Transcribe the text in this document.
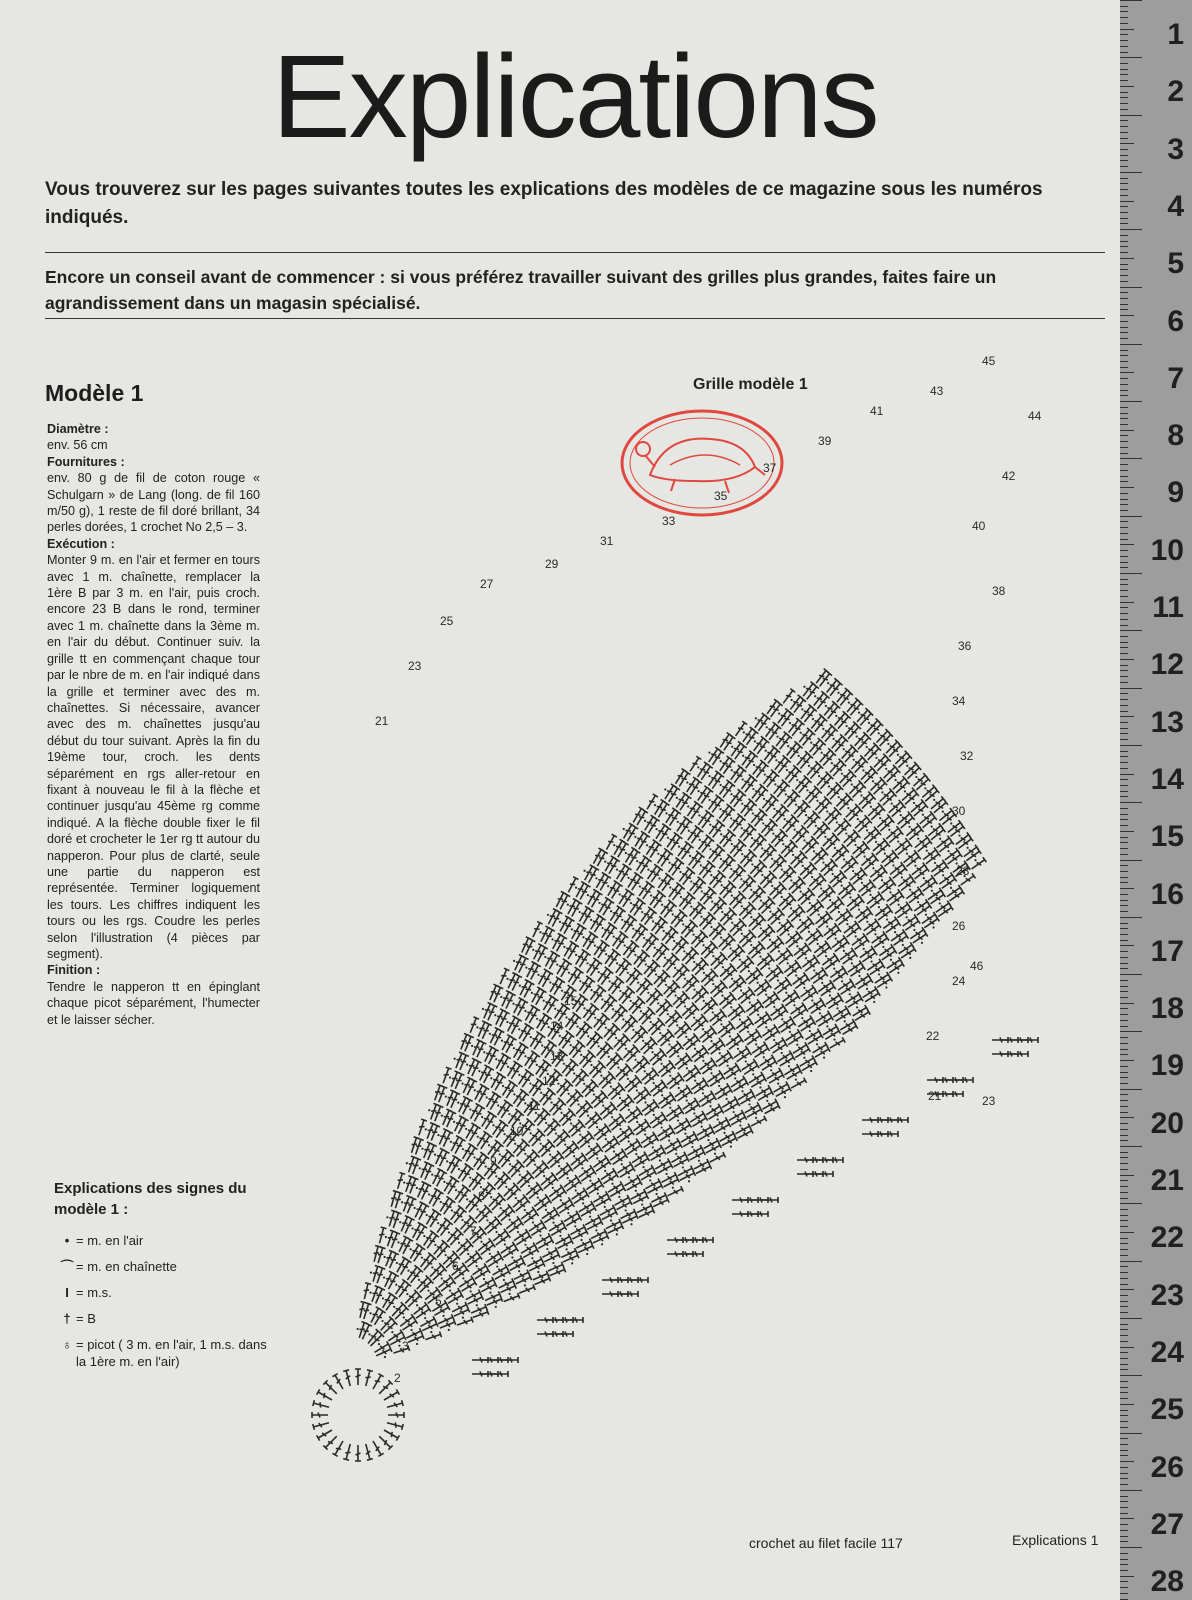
Explications
Vous trouverez sur les pages suivantes toutes les explications des modèles de ce magazine sous les numéros indiqués.
Encore un conseil avant de commencer : si vous préférez travailler suivant des grilles plus grandes, faites faire un agrandissement dans un magasin spécialisé.
Modèle 1
Diamètre :

env. 56 cm

Fournitures :

env. 80 g de fil de coton rouge « Schulgarn » de Lang (long. de fil 160 m/50 g), 1 reste de fil doré brillant, 34 perles dorées, 1 crochet No 2,5 – 3.

Exécution :

Monter 9 m. en l'air et fermer en tours avec 1 m. chaînette, remplacer la 1ère B par 3 m. en l'air, puis croch. encore 23 B dans le rond, terminer avec 1 m. chaînette dans la 3ème m. en l'air du début. Continuer suiv. la grille tt en commençant chaque tour par le nbre de m. en l'air indiqué dans la grille et terminer avec des m. chaînettes. Si nécessaire, avancer avec des m. chaînettes jusqu'au début du tour suivant. Après la fin du 19ème tour, croch. les dents séparément en rgs aller-retour en fixant à nouveau le fil à la flèche et continuer jusqu'au 45ème rg comme indiqué. A la flèche double fixer le fil doré et crocheter le 1er rg tt autour du napperon. Pour plus de clarté, seule une partie du napperon est représentée. Terminer logiquement les tours. Les chiffres indiquent les tours ou les rgs. Coudre les perles selon l'illustration (4 pièces par segment).

Finition :

Tendre le napperon tt en épinglant chaque picot séparément, l'humecter et le laisser sécher.

Grille modèle 1
2
3
5
6
7
8
9
10
11
12
13
14
15
21
23
25
27
29
31
33
35
37
39
41
43
45
44
42
40
38
36
34
32
30
28
26
24
22
21	23
46
Explications des signes du modèle 1 :
• = m. en l'air
⌒ = m. en chaînette
I = m.s.
† = B
♁ = picot ( 3 m. en l'air, 1 m.s. dans la 1ère m. en l'air)
crochet au filet facile 117	Explications 1
1
2
3
4
5
6
7
8
9
10
11
12
13
14
15
16
17
18
19
20
21
22
23
24
25
26
27
28
